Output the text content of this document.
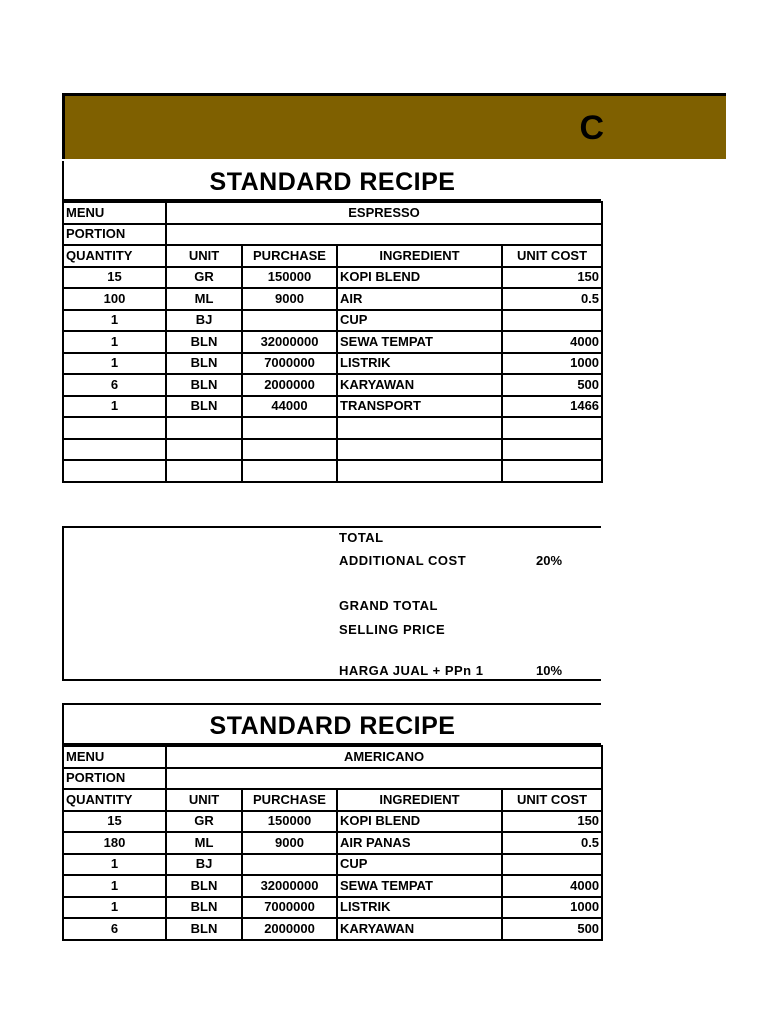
C
STANDARD RECIPE
MENU	ESPRESSO			
PORTION				
QUANTITY	UNIT	PURCHASE	INGREDIENT	UNIT COST
15	GR	150000	KOPI BLEND	150
100	ML	9000	AIR	0.5
1	BJ		CUP	
1	BLN	32000000	SEWA TEMPAT	4000
1	BLN	7000000	LISTRIK	1000
6	BLN	2000000	KARYAWAN	500
1	BLN	44000	TRANSPORT	1466

TOTAL
ADDITIONAL COST	20%
GRAND TOTAL
SELLING PRICE
HARGA JUAL + PPn 1	10%
STANDARD RECIPE
MENU	AMERICANO			
PORTION				
QUANTITY	UNIT	PURCHASE	INGREDIENT	UNIT COST
15	GR	150000	KOPI BLEND	150
180	ML	9000	AIR PANAS	0.5
1	BJ		CUP	
1	BLN	32000000	SEWA TEMPAT	4000
1	BLN	7000000	LISTRIK	1000
6	BLN	2000000	KARYAWAN	500
